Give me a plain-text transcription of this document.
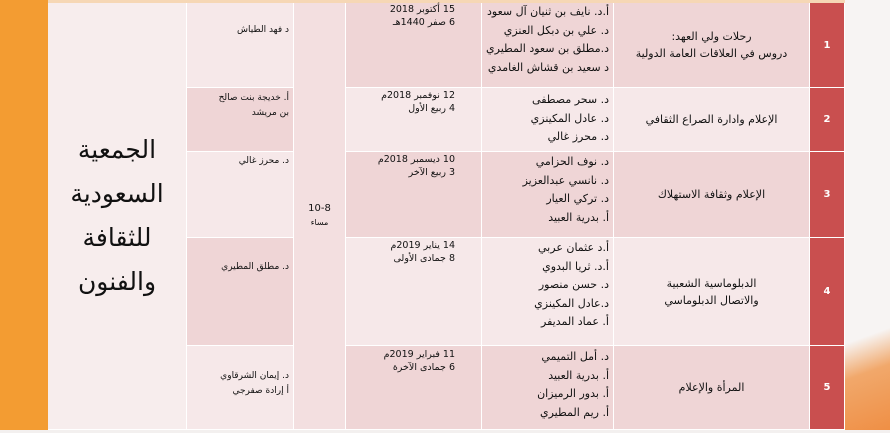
الجمعية
السعودية
للثقافة
والفنون
10-8
مساء
1
رحلات ولي العهد:
دروس في العلاقات العامة الدولية
أ.د. نايف بن ثنيان آل سعود
د. علي بن دبكل العنزي
د.مطلق بن سعود المطيري
د سعيد بن قشاش الغامدي
15 أكتوبر 2018
6 صفر 1440هـ
د فهد الطياش
2
الإعلام وادارة الصراع الثقافي
د. سحر مصطفى
د. عادل المكينزي
د. محرز غالي
12 نوفمبر 2018م
4 ربيع الأول
أ. خديجة بنت صالح
بن مريشد
3
الإعلام وثقافة الاستهلاك
د. نوف الحزامي
د. نانسي عبدالعزيز
د. تركي العيار
أ. بدرية العبيد
10 ديسمبر 2018م
3 ربيع الآخر
د. محرز غالي
4
الدبلوماسية الشعبية
والاتصال الدبلوماسي
أ.د عثمان عربي
أ.د. ثريا البدوي
د. حسن منصور
د.عادل المكينزي
أ. عماد المديفر
14 يناير 2019م
8 جمادى الأولى
د. مطلق المطيري
5
المرأة والإعلام
د. أمل التميمي
أ. بدرية العبيد
أ. بدور الرميزان
أ. ريم المطيري
11 فبراير 2019م
6 جمادى الآخرة
د. إيمان الشرقاوي
أ إرادة صفرجي
